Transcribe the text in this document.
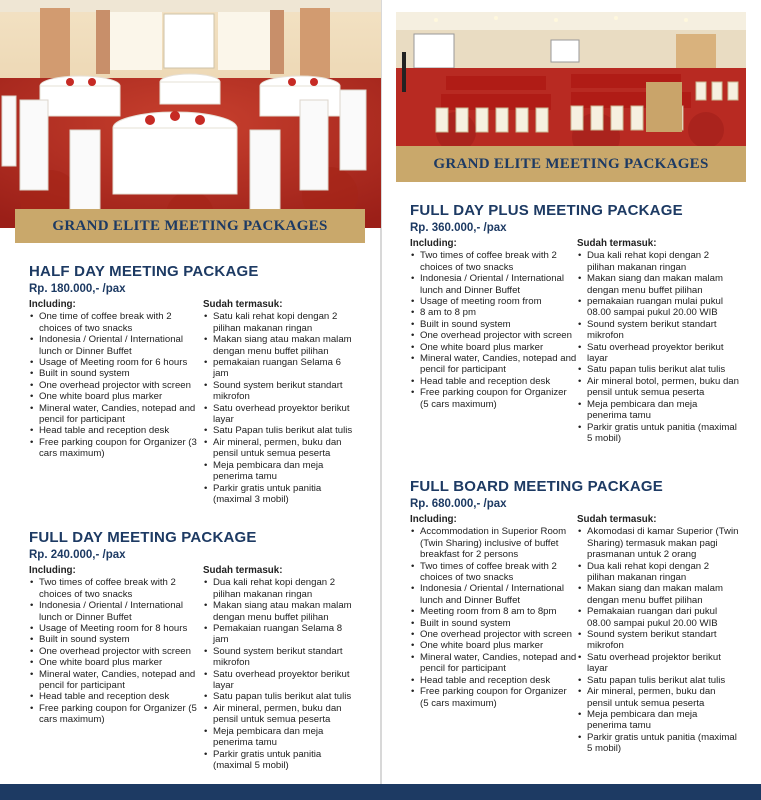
GRAND ELITE MEETING PACKAGES
GRAND ELITE MEETING PACKAGES
HALF DAY MEETING PACKAGE
Rp. 180.000,- /pax
Including:
• One time of coffee break with 2 choices of two snacks
• Indonesia / Oriental / International lunch or Dinner Buffet
• Usage of Meeting room for 6 hours
• Built in sound system
• One overhead projector with screen
• One white board plus marker
• Mineral water, Candies, notepad and pencil for participant
• Head table and reception desk
• Free parking coupon for Organizer (3 cars maximum)
Sudah termasuk:
• Satu kali rehat kopi dengan 2 pilihan makanan ringan
• Makan siang atau makan malam dengan menu buffet pilihan
• pemakaian ruangan Selama 6 jam
• Sound system berikut standart mikrofon
• Satu overhead proyektor berikut layar
• Satu Papan tulis berikut alat tulis
• Air mineral, permen, buku dan pensil untuk semua peserta
• Meja pembicara dan meja penerima tamu
• Parkir gratis untuk panitia (maximal 3 mobil)
FULL DAY MEETING PACKAGE
Rp. 240.000,- /pax
Including:
• Two times of coffee break with 2 choices of two snacks
• Indonesia / Oriental / International lunch or Dinner Buffet
• Usage of Meeting room for 8 hours
• Built in sound system
• One overhead projector with screen
• One white board plus marker
• Mineral water, Candies, notepad and pencil for participant
• Head table and reception desk
• Free parking coupon for Organizer (5 cars maximum)
Sudah termasuk:
• Dua kali rehat kopi dengan 2 pilihan makanan ringan
• Makan siang atau makan malam dengan menu buffet pilihan
• Pemakaian ruangan Selama 8 jam
• Sound system berikut standart mikrofon
• Satu overhead proyektor berikut layar
• Satu papan tulis berikut alat tulis
• Air mineral, permen, buku dan pensil untuk semua peserta
• Meja pembicara dan meja penerima tamu
• Parkir gratis untuk panitia (maximal 5 mobil)
FULL DAY PLUS MEETING PACKAGE
Rp. 360.000,- /pax
Including:
• Two times of coffee break with 2 choices of two snacks
• Indonesia / Oriental / International lunch and Dinner Buffet
• Usage of meeting room from
• 8 am to 8 pm
• Built in sound system
• One overhead projector with screen
• One white board plus marker
• Mineral water, Candies, notepad and pencil for participant
• Head table and reception desk
• Free parking coupon for Organizer (5 cars maximum)
Sudah termasuk:
• Dua kali rehat kopi dengan 2 pilihan makanan ringan
• Makan siang dan makan malam dengan menu buffet pilihan
• pemakaian ruangan mulai pukul 08.00 sampai pukul 20.00 WIB
• Sound system berikut standart mikrofon
• Satu overhead proyektor berikut layar
• Satu papan tulis berikut alat tulis
• Air mineral botol, permen, buku dan pensil untuk semua peserta
• Meja pembicara dan meja penerima tamu
• Parkir gratis untuk panitia (maximal 5 mobil)
FULL BOARD MEETING PACKAGE
Rp. 680.000,- /pax
Including:
• Accommodation in Superior Room (Twin Sharing) inclusive of buffet breakfast for 2 persons
• Two times of coffee break with 2 choices of two snacks
• Indonesia / Oriental / International lunch and Dinner Buffet
• Meeting room from 8 am to 8pm
• Built in sound system
• One overhead projector with screen
• One white board plus marker
• Mineral water, Candies, notepad and pencil for participant
• Head table and reception desk
• Free parking coupon for Organizer (5 cars maximum)
Sudah termasuk:
• Akomodasi di kamar Superior (Twin Sharing) termasuk makan pagi prasmanan untuk 2 orang
• Dua kali rehat kopi dengan 2 pilihan makanan ringan
• Makan siang dan makan malam dengan menu buffet pilihan
• Pemakaian ruangan dari pukul 08.00 sampai pukul 20.00 WIB
• Sound system berikut standart mikrofon
• Satu overhead projektor berikut layar
• Satu papan tulis berikut alat tulis
• Air mineral, permen, buku dan pensil untuk semua peserta
• Meja pembicara dan meja penerima tamu
• Parkir gratis untuk panitia (maximal 5 mobil)
